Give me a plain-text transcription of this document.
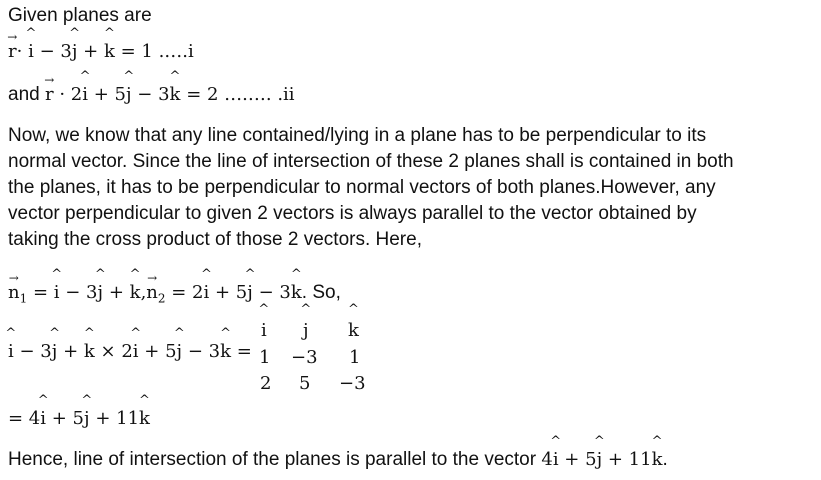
Given planes are
→ r· ^ i − 3^ j + ^ k = 1 .….i
and → r · 2^ i + 5^ j − 3^ k = 2 ….…. .ii
Now, we know that any line contained/lying in a plane has to be perpendicular to its
normal vector. Since the line of intersection of these 2 planes shall is contained in both
the planes, it has to be perpendicular to normal vectors of both planes.However, any
vector perpendicular to given 2 vectors is always parallel to the vector obtained by
taking the cross product of those 2 vectors. Here,
→ $n_1$ = ^ i − 3^ j + ^ $k,\to n_2$ = 2^ i + 5^ j − 3^ k. So,
^ i − 3^ j + ^ k × 2^ i + 5^ j − 3^ k =
^ i ^ j ^ k
1 −3 1
2 5 −3
= 4^ i + 5^ j + 11^ k
Hence, line of intersection of the planes is parallel to the vector 4^ i + 5^ j + 11^ k.
